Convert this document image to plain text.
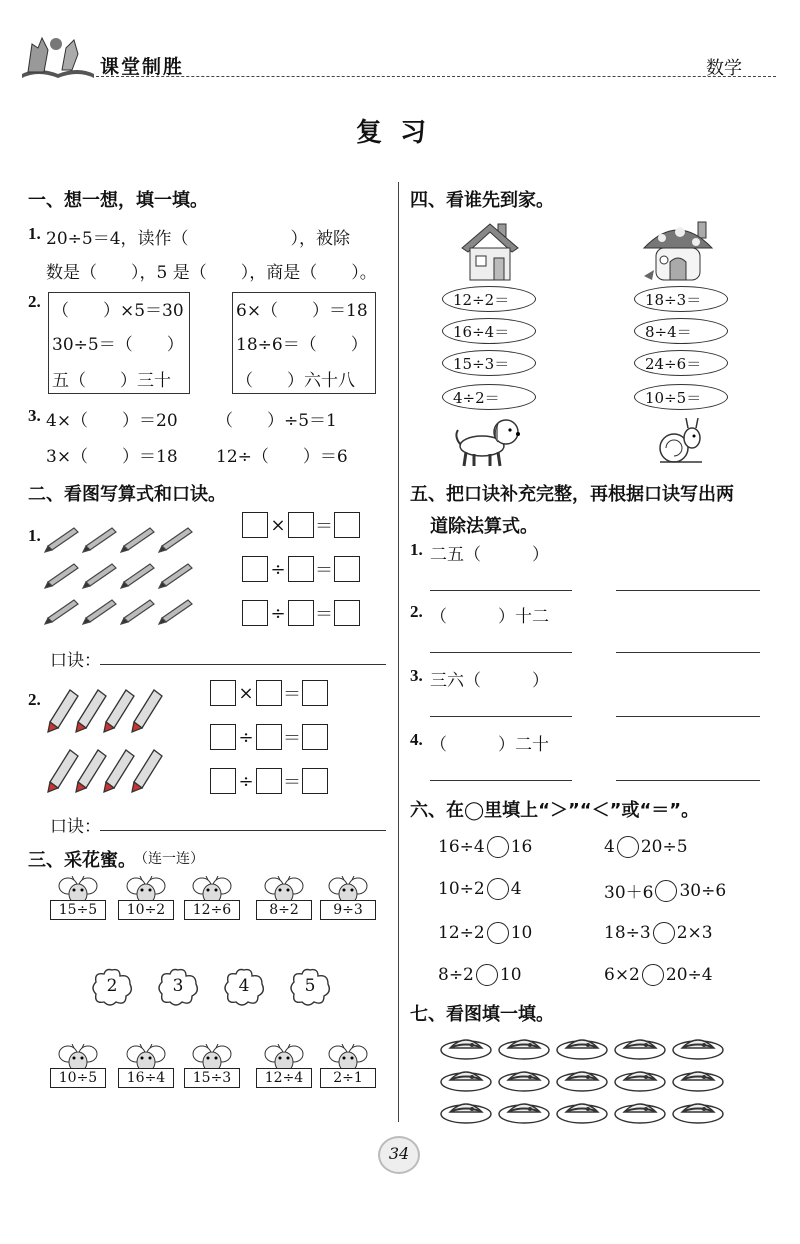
课堂制胜	数学
复  习
一、想一想，填一填。
1. 20÷5＝4，读作（　　　　　　），被除
数是（　　），5 是（　　），商是（　　）。
2. （　　）×5＝30
30÷5＝（　　）
五（　　）三十
6×（　　）＝18
18÷6＝（　　）
（　　）六十八
3. 4×（　　）＝20 （　　）÷5＝1
3×（　　）＝18 12÷（　　）＝6
二、看图写算式和口诀。
1.	× ＝
÷ ＝
÷ ＝
口诀：
2.	× ＝
÷ ＝
÷ ＝
口诀：
三、采花蜜。
（连一连）
15÷5	10÷2	12÷6	8÷2	9÷3
2	3	4	5
10÷5	16÷4	15÷3	12÷4	2÷1
四、看谁先到家。
12÷2＝
16÷4＝
15÷3＝
4÷2＝
18÷3＝
8÷4＝
24÷6＝
10÷5＝
五、把口诀补充完整，再根据口诀写出两
道除法算式。
1. 二五（　　　）
2. （　　　）十二
3. 三六（　　　）
4. （　　　）二十
六、在◯里填上“＞”“＜”或“＝”。
16÷4 16	4 20÷5
10÷2 4	30＋6 30÷6
12÷2 10	18÷3 2×3
8÷2 10	6×2 20÷4
七、看图填一填。
34
